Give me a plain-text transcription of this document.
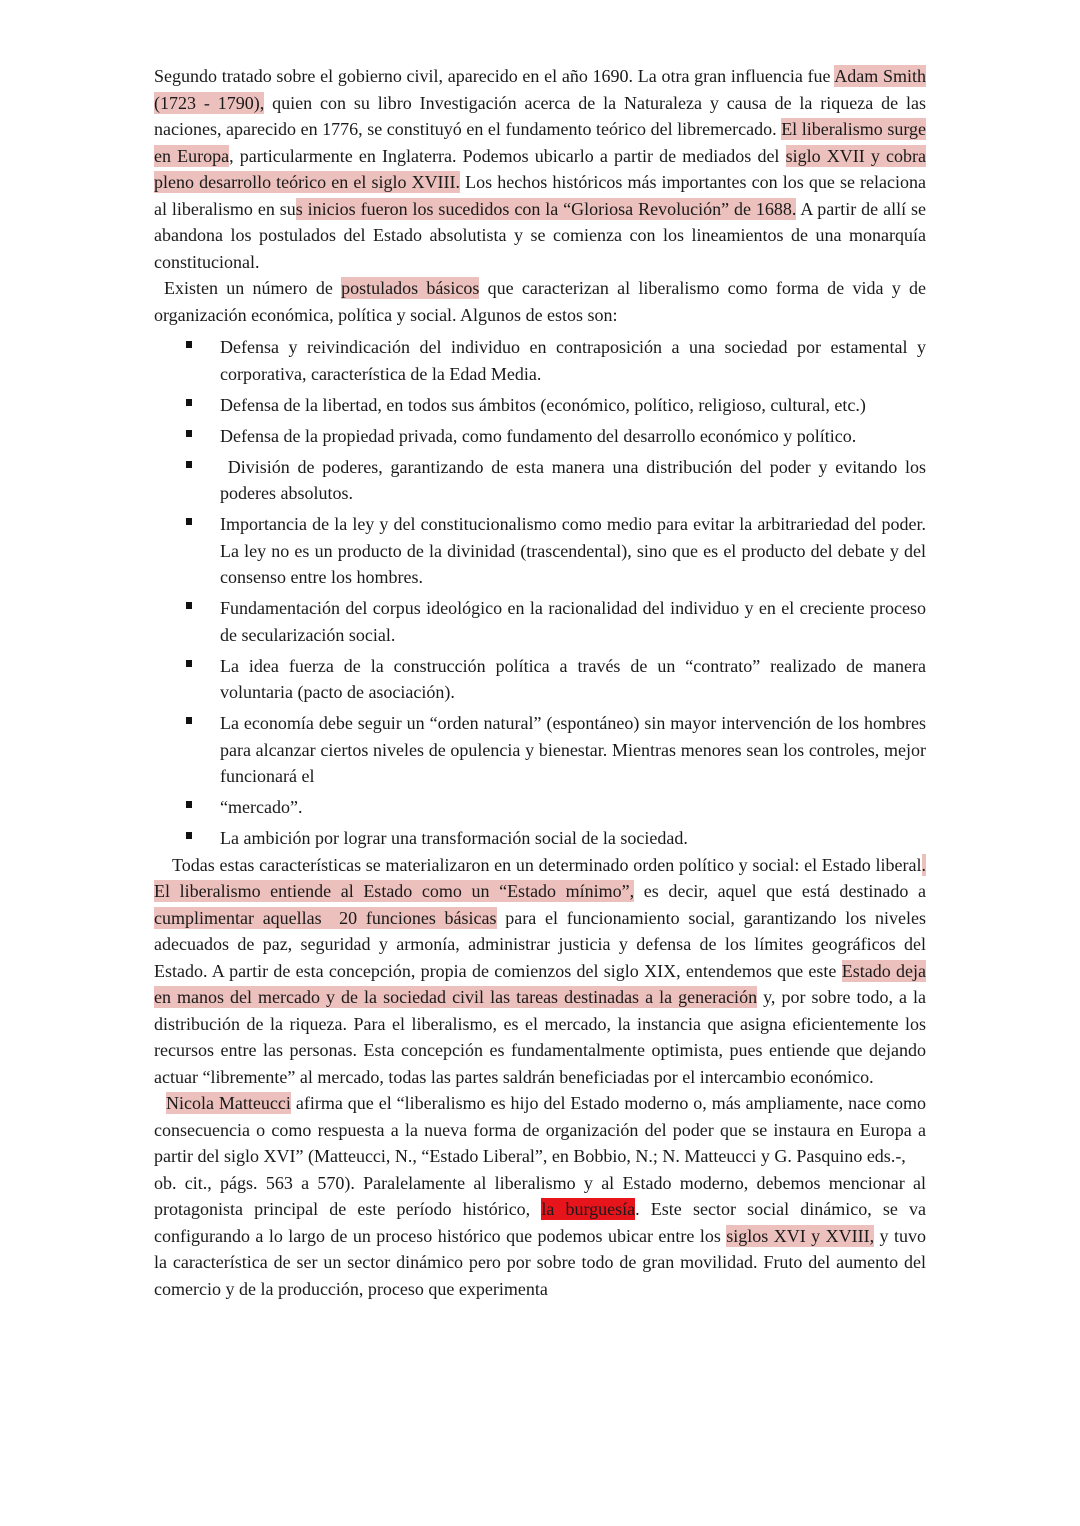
Segundo tratado sobre el gobierno civil, aparecido en el año 1690. La otra gran influencia fue Adam Smith (1723 - 1790), quien con su libro Investigación acerca de la Naturaleza y causa de la riqueza de las naciones, aparecido en 1776, se constituyó en el fundamento teórico del libremercado. El liberalismo surge en Europa, particularmente en Inglaterra. Podemos ubicarlo a partir de mediados del siglo XVII y cobra pleno desarrollo teórico en el siglo XVIII. Los hechos históricos más importantes con los que se relaciona al liberalismo en sus inicios fueron los sucedidos con la “Gloriosa Revolución” de 1688. A partir de allí se abandona los postulados del Estado absolutista y se comienza con los lineamientos de una monarquía constitucional.

Existen un número de postulados básicos que caracterizan al liberalismo como forma de vida y de organización económica, política y social. Algunos de estos son:

Defensa y reivindicación del individuo en contraposición a una sociedad por estamental y corporativa, característica de la Edad Media.
Defensa de la libertad, en todos sus ámbitos (económico, político, religioso, cultural, etc.)
Defensa de la propiedad privada, como fundamento del desarrollo económico y político.
División de poderes, garantizando de esta manera una distribución del poder y evitando los poderes absolutos.
Importancia de la ley y del constitucionalismo como medio para evitar la arbitrariedad del poder. La ley no es un producto de la divinidad (trascendental), sino que es el producto del debate y del consenso entre los hombres.
Fundamentación del corpus ideológico en la racionalidad del individuo y en el creciente proceso de secularización social.
La idea fuerza de la construcción política a través de un “contrato” realizado de manera voluntaria (pacto de asociación).
La economía debe seguir un “orden natural” (espontáneo) sin mayor intervención de los hombres para alcanzar ciertos niveles de opulencia y bienestar. Mientras menores sean los controles, mejor funcionará el
“mercado”.
La ambición por lograr una transformación social de la sociedad.

Todas estas características se materializaron en un determinado orden político y social: el Estado liberal. El liberalismo entiende al Estado como un “Estado mínimo”, es decir, aquel que está destinado a cumplimentar aquellas  20 funciones básicas para el funcionamiento social, garantizando los niveles adecuados de paz, seguridad y armonía, administrar justicia y defensa de los límites geográficos del Estado. A partir de esta concepción, propia de comienzos del siglo XIX, entendemos que este Estado deja en manos del mercado y de la sociedad civil las tareas destinadas a la generación y, por sobre todo, a la distribución de la riqueza. Para el liberalismo, es el mercado, la instancia que asigna eficientemente los recursos entre las personas. Esta concepción es fundamentalmente optimista, pues entiende que dejando actuar “libremente” al mercado, todas las partes saldrán beneficiadas por el intercambio económico.

Nicola Matteucci afirma que el “liberalismo es hijo del Estado moderno o, más ampliamente, nace como consecuencia o como respuesta a la nueva forma de organización del poder que se instaura en Europa a partir del siglo XVI” (Matteucci, N., “Estado Liberal”, en Bobbio, N.; N. Matteucci y G. Pasquino eds.-,

ob. cit., págs. 563 a 570). Paralelamente al liberalismo y al Estado moderno, debemos mencionar al protagonista principal de este período histórico, la burguesía. Este sector social dinámico, se va configurando a lo largo de un proceso histórico que podemos ubicar entre los siglos XVI y XVIII, y tuvo la característica de ser un sector dinámico pero por sobre todo de gran movilidad. Fruto del aumento del comercio y de la producción, proceso que experimenta
